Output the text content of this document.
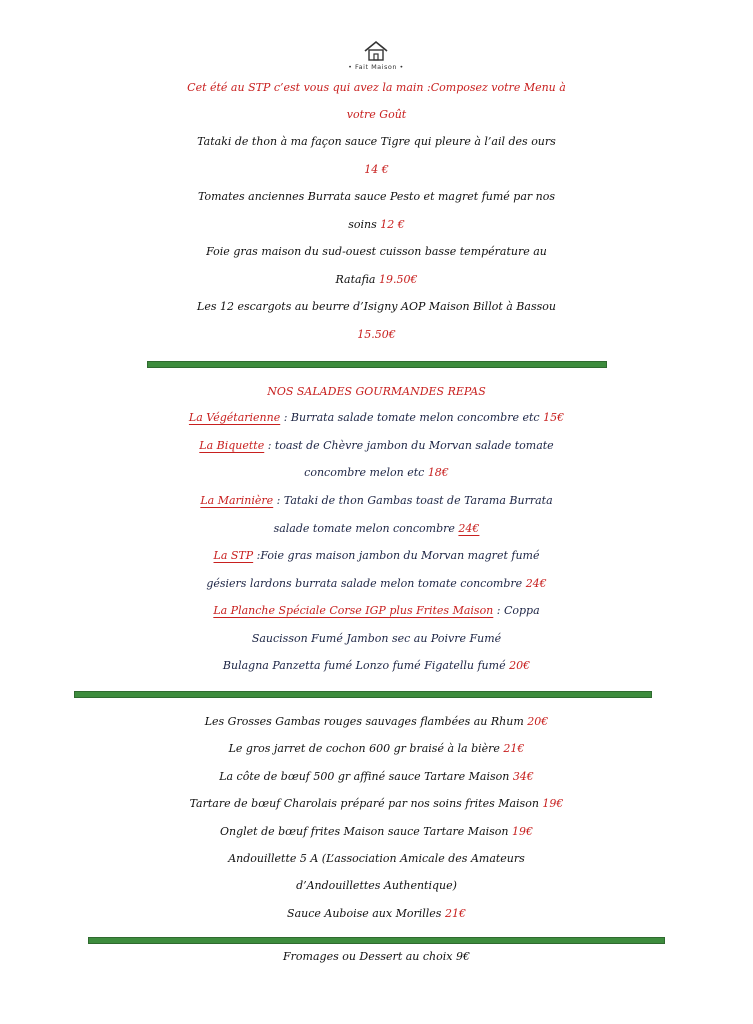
• Fait Maison •
Cet été au STP c’est vous qui avez la main :Composez votre Menu à
votre Goût
Tataki de thon à ma façon sauce Tigre qui pleure à l’ail des ours
14 €
Tomates anciennes Burrata sauce Pesto et magret fumé par nos
soins 12 €
Foie gras maison du sud-ouest cuisson basse température au
Ratafia 19.50€
Les 12 escargots au beurre d’Isigny AOP Maison Billot à Bassou
15.50€
NOS SALADES GOURMANDES REPAS
La Végétarienne : Burrata salade tomate melon concombre etc 15€
La Biquette : toast de Chèvre jambon du Morvan salade tomate
concombre melon etc 18€
La Marinière : Tataki de thon Gambas toast de Tarama Burrata
salade tomate melon concombre 24€
La STP :Foie gras maison jambon du Morvan magret fumé
gésiers lardons burrata salade melon tomate concombre 24€
La Planche Spéciale Corse IGP plus Frites Maison : Coppa
Saucisson Fumé Jambon sec au Poivre Fumé
Bulagna Panzetta fumé Lonzo fumé Figatellu fumé 20€
Les Grosses Gambas rouges sauvages flambées au Rhum 20€
Le gros jarret de cochon 600 gr braisé à la bière 21€
La côte de bœuf 500 gr affiné sauce Tartare Maison 34€
Tartare de bœuf Charolais préparé par nos soins frites Maison 19€
Onglet de bœuf frites Maison sauce Tartare Maison 19€
Andouillette 5 A (L’association Amicale des Amateurs
d’Andouillettes Authentique)
Sauce Auboise aux Morilles 21€
Fromages ou Dessert au choix 9€
